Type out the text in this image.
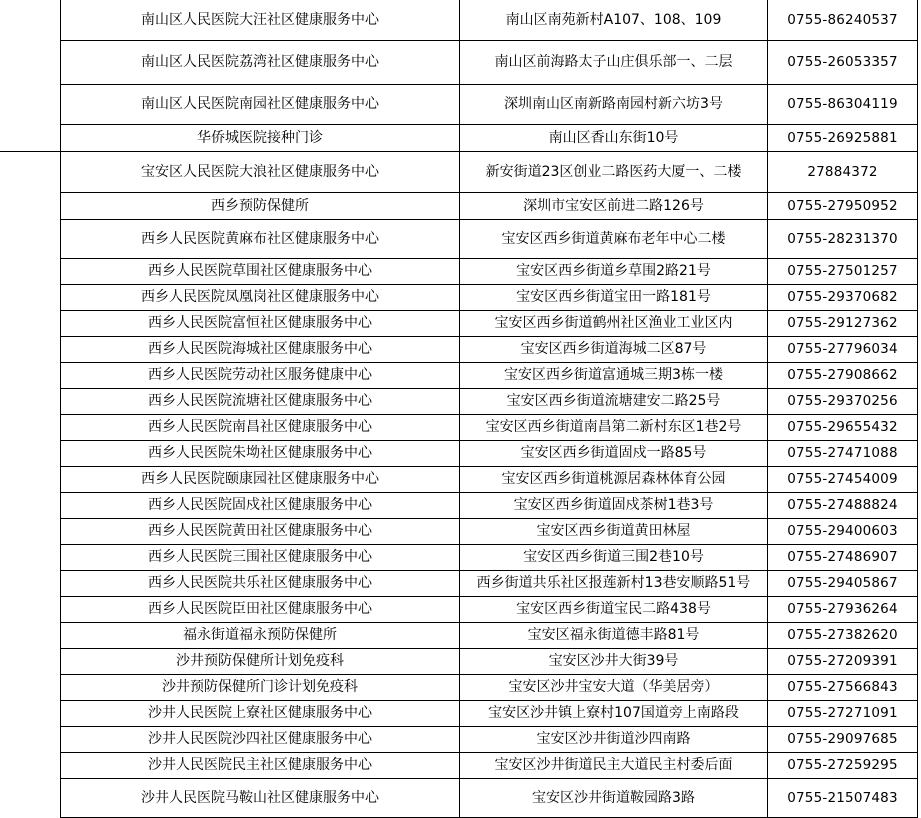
南山区人民医院大汪社区健康服务中心	南山区南苑新村A107、108、109	0755-86240537
南山区人民医院荔湾社区健康服务中心	南山区前海路太子山庄俱乐部一、二层	0755-26053357
南山区人民医院南园社区健康服务中心	深圳南山区南新路南园村新六坊3号	0755-86304119
华侨城医院接种门诊	南山区香山东街10号	0755-26925881
宝安区人民医院大浪社区健康服务中心	新安街道23区创业二路医药大厦一、二楼	27884372
西乡预防保健所	深圳市宝安区前进二路126号	0755-27950952
西乡人民医院黄麻布社区健康服务中心	宝安区西乡街道黄麻布老年中心二楼	0755-28231370
西乡人民医院草围社区健康服务中心	宝安区西乡街道乡草围2路21号	0755-27501257
西乡人民医院凤凰岗社区健康服务中心	宝安区西乡街道宝田一路181号	0755-29370682
西乡人民医院富恒社区健康服务中心	宝安区西乡街道鹤州社区渔业工业区内	0755-29127362
西乡人民医院海城社区健康服务中心	宝安区西乡街道海城二区87号	0755-27796034
西乡人民医院劳动社区服务健康中心	宝安区西乡街道富通城三期3栋一楼	0755-27908662
西乡人民医院流塘社区健康服务中心	宝安区西乡街道流塘建安二路25号	0755-29370256
西乡人民医院南昌社区健康服务中心	宝安区西乡街道南昌第二新村东区1巷2号	0755-29655432
西乡人民医院朱坳社区健康服务中心	宝安区西乡街道固戍一路85号	0755-27471088
西乡人民医院颐康园社区健康服务中心	宝安区西乡街道桃源居森林体育公园	0755-27454009
西乡人民医院固戍社区健康服务中心	宝安区西乡街道固戍茶树1巷3号	0755-27488824
西乡人民医院黄田社区健康服务中心	宝安区西乡街道黄田林屋	0755-29400603
西乡人民医院三围社区健康服务中心	宝安区西乡街道三围2巷10号	0755-27486907
西乡人民医院共乐社区健康服务中心	西乡街道共乐社区报莲新村13巷安顺路51号	0755-29405867
西乡人民医院臣田社区健康服务中心	宝安区西乡街道宝民二路438号	0755-27936264
福永街道福永预防保健所	宝安区福永街道德丰路81号	0755-27382620
沙井预防保健所计划免疫科	宝安区沙井大街39号	0755-27209391
沙井预防保健所门诊计划免疫科	宝安区沙井宝安大道（华美居旁）	0755-27566843
沙井人民医院上寮社区健康服务中心	宝安区沙井镇上寮村107国道旁上南路段	0755-27271091
沙井人民医院沙四社区健康服务中心	宝安区沙井街道沙四南路	0755-29097685
沙井人民医院民主社区健康服务中心	宝安区沙井街道民主大道民主村委后面	0755-27259295
沙井人民医院马鞍山社区健康服务中心	宝安区沙井街道鞍园路3路	0755-21507483
